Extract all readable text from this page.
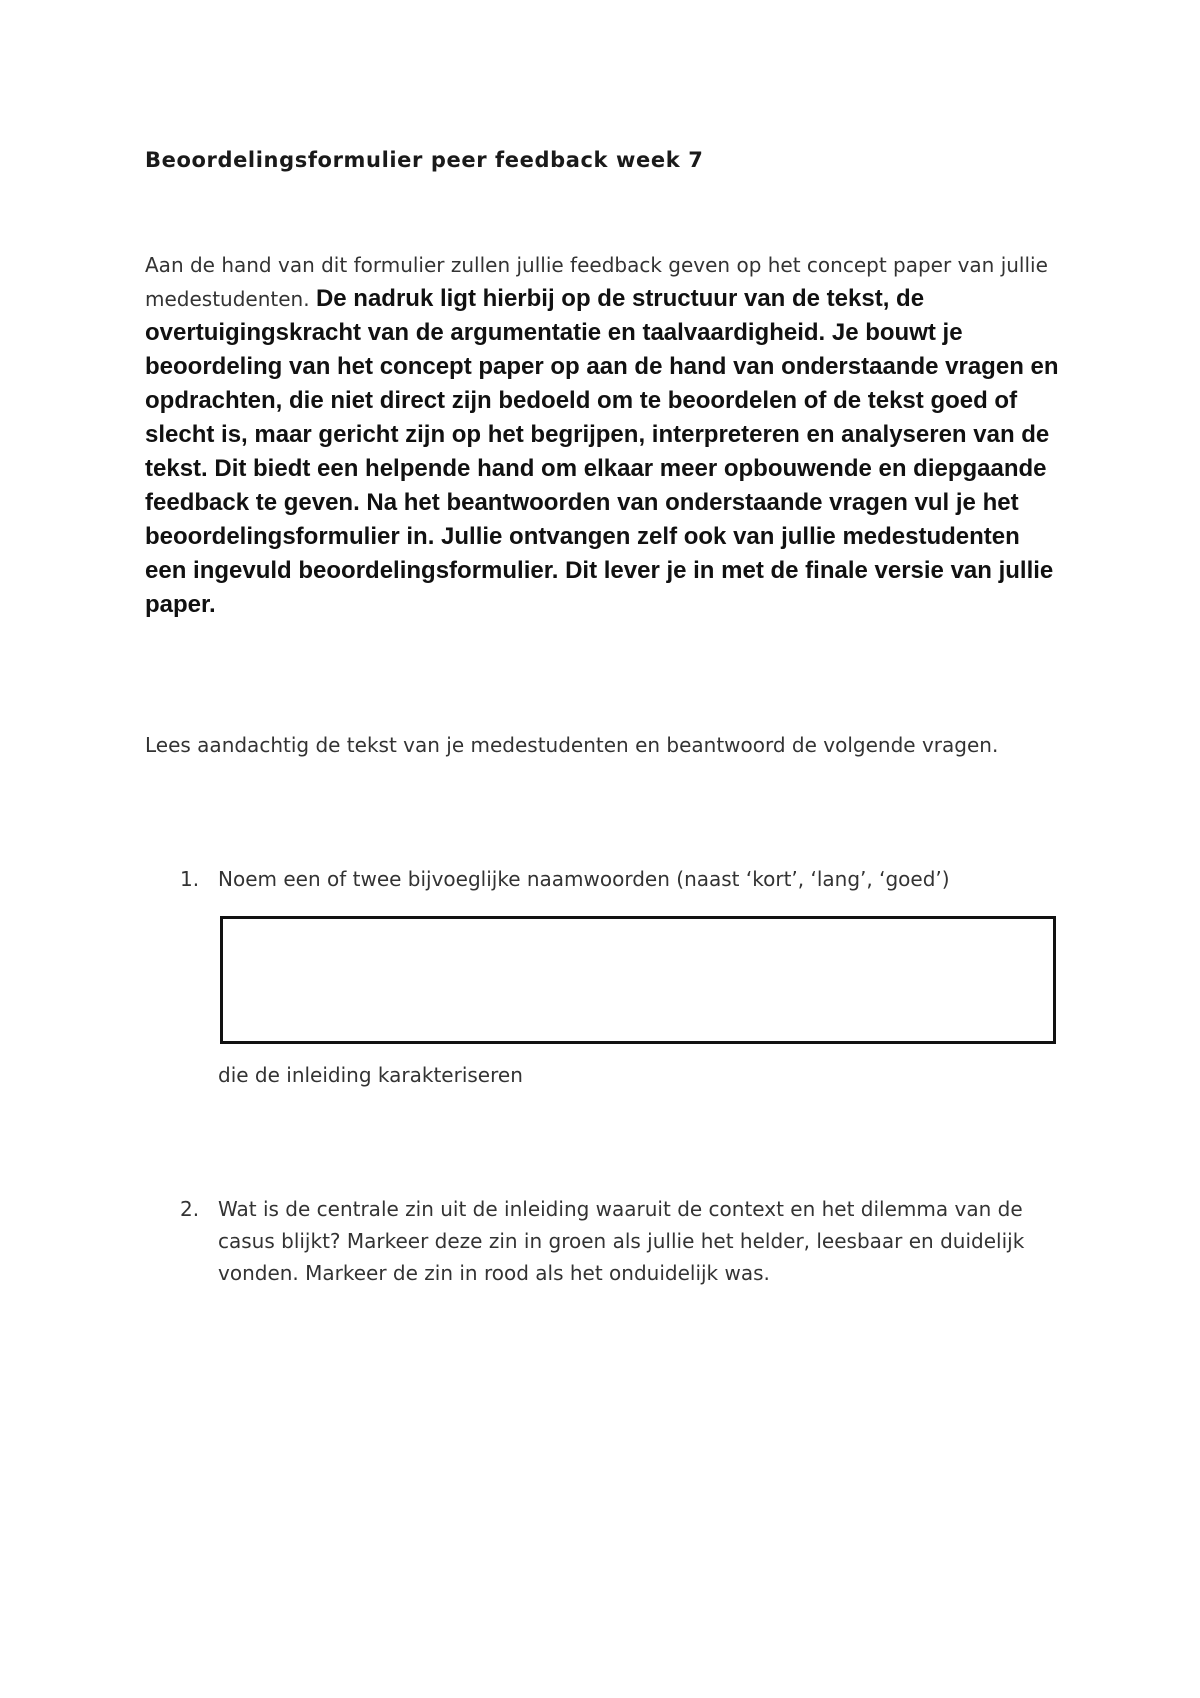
Beoordelingsformulier peer feedback week 7

Aan de hand van dit formulier zullen jullie feedback geven op het concept paper van jullie medestudenten. De nadruk ligt hierbij op de structuur van de tekst, de overtuigingskracht van de argumentatie en taalvaardigheid. Je bouwt je beoordeling van het concept paper op aan de hand van onderstaande vragen en opdrachten, die niet direct zijn bedoeld om te beoordelen of de tekst goed of slecht is, maar gericht zijn op het begrijpen, interpreteren en analyseren van de tekst. Dit biedt een helpende hand om elkaar meer opbouwende en diepgaande feedback te geven. Na het beantwoorden van onderstaande vragen vul je het beoordelingsformulier in. Jullie ontvangen zelf ook van jullie medestudenten een ingevuld beoordelingsformulier. Dit lever je in met de finale versie van jullie paper.

Lees aandachtig de tekst van je medestudenten en beantwoord de volgende vragen.

1. Noem een of twee bijvoeglijke naamwoorden (naast ‘kort’, ‘lang’, ‘goed’)

die de inleiding karakteriseren

2. Wat is de centrale zin uit de inleiding waaruit de context en het dilemma van de casus blijkt? Markeer deze zin in groen als jullie het helder, leesbaar en duidelijk vonden. Markeer de zin in rood als het onduidelijk was.
